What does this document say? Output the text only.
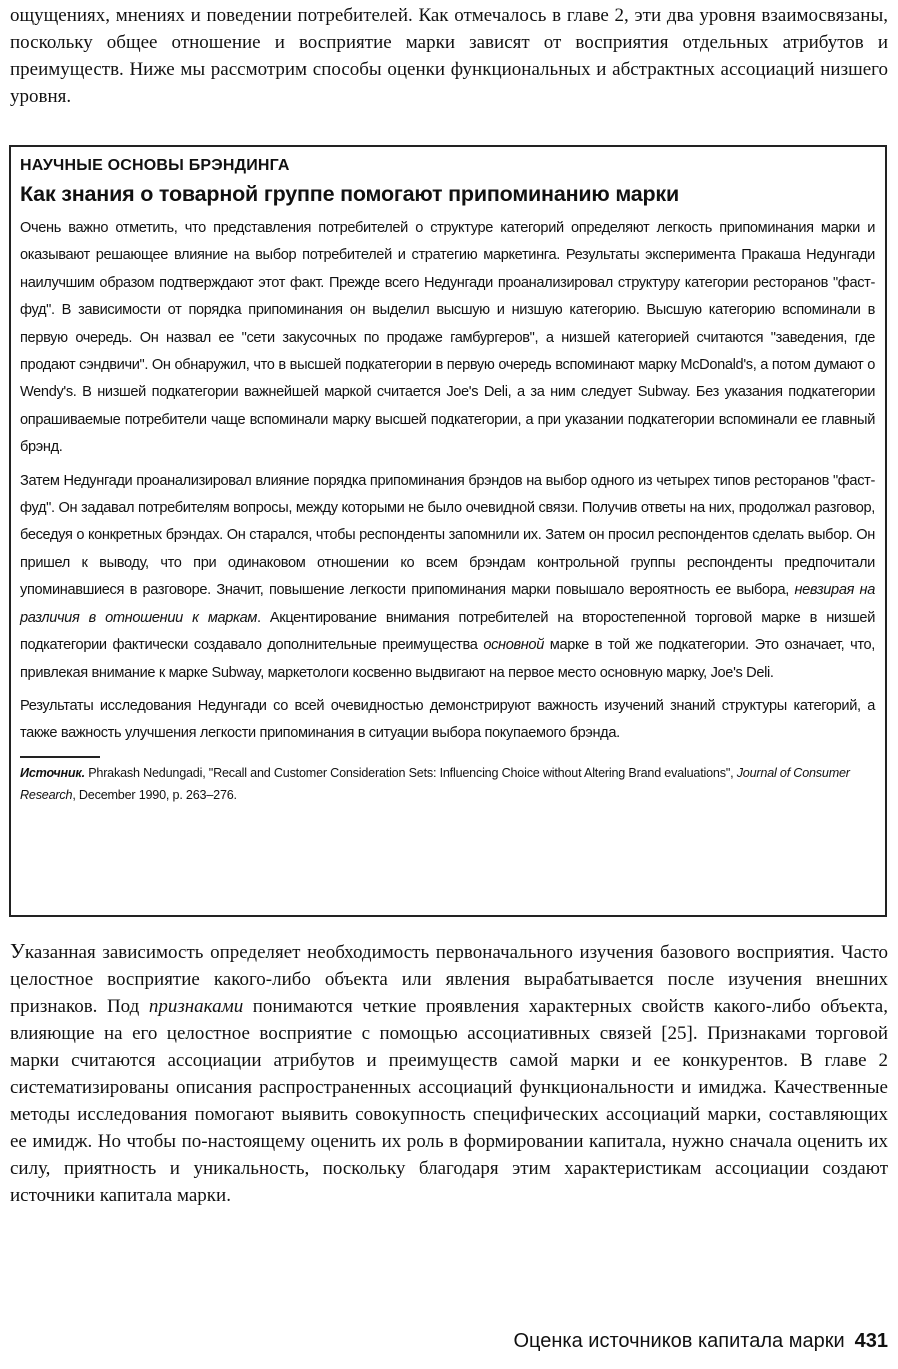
ощущениях, мнениях и поведении потребителей. Как отмечалось в главе 2, эти два уровня взаимосвязаны, поскольку общее отношение и восприятие марки зависят от восприятия отдельных атрибутов и преимуществ. Ниже мы рассмотрим способы оценки функциональных и абстрактных ассоциаций низшего уровня.

НАУЧНЫЕ ОСНОВЫ БРЭНДИНГА
Как знания о товарной группе помогают припоминанию марки

Очень важно отметить, что представления потребителей о структуре категорий определяют легкость припоминания марки и оказывают решающее влияние на выбор потребителей и стратегию маркетинга. Результаты эксперимента Пракаша Недунгади наилучшим образом подтверждают этот факт. Прежде всего Недунгади проанализировал структуру категории ресторанов "фаст-фуд". В зависимости от порядка припоминания он выделил высшую и низшую категорию. Высшую категорию вспоминали в первую очередь. Он назвал ее "сети закусочных по продаже гамбургеров", а низшей категорией считаются "заведения, где продают сэндвичи". Он обнаружил, что в высшей подкатегории в первую очередь вспоминают марку McDonald's, а потом думают о Wendy's. В низшей подкатегории важнейшей маркой считается Joe's Deli, а за ним следует Subway. Без указания подкатегории опрашиваемые потребители чаще вспоминали марку высшей подкатегории, а при указании подкатегории вспоминали ее главный брэнд.

Затем Недунгади проанализировал влияние порядка припоминания брэндов на выбор одного из четырех типов ресторанов "фаст-фуд". Он задавал потребителям вопросы, между которыми не было очевидной связи. Получив ответы на них, продолжал разговор, беседуя о конкретных брэндах. Он старался, чтобы респонденты запомнили их. Затем он просил респондентов сделать выбор. Он пришел к выводу, что при одинаковом отношении ко всем брэндам контрольной группы респонденты предпочитали упоминавшиеся в разговоре. Значит, повышение легкости припоминания марки повышало вероятность ее выбора, невзирая на различия в отношении к маркам. Акцентирование внимания потребителей на второстепенной торговой марке в низшей подкатегории фактически создавало дополнительные преимущества основной марке в той же подкатегории. Это означает, что, привлекая внимание к марке Subway, маркетологи косвенно выдвигают на первое место основную марку, Joe's Deli.

Результаты исследования Недунгади со всей очевидностью демонстрируют важность изучений знаний структуры категорий, а также важность улучшения легкости припоминания в ситуации выбора покупаемого брэнда.

Источник. Phrakash Nedungadi, "Recall and Customer Consideration Sets: Influencing Choice without Altering Brand evaluations", Journal of Consumer Research, December 1990, p. 263–276.

Указанная зависимость определяет необходимость первоначального изучения базового восприятия. Часто целостное восприятие какого-либо объекта или явления вырабатывается после изучения внешних признаков. Под признаками понимаются четкие проявления характерных свойств какого-либо объекта, влияющие на его целостное восприятие с помощью ассоциативных связей [25]. Признаками торговой марки считаются ассоциации атрибутов и преимуществ самой марки и ее конкурентов. В главе 2 систематизированы описания распространенных ассоциаций функциональности и имиджа. Качественные методы исследования помогают выявить совокупность специфических ассоциаций марки, составляющих ее имидж. Но чтобы по-настоящему оценить их роль в формировании капитала, нужно сначала оценить их силу, приятность и уникальность, поскольку благодаря этим характеристикам ассоциации создают источники капитала марки.

Оценка источников капитала марки 431
